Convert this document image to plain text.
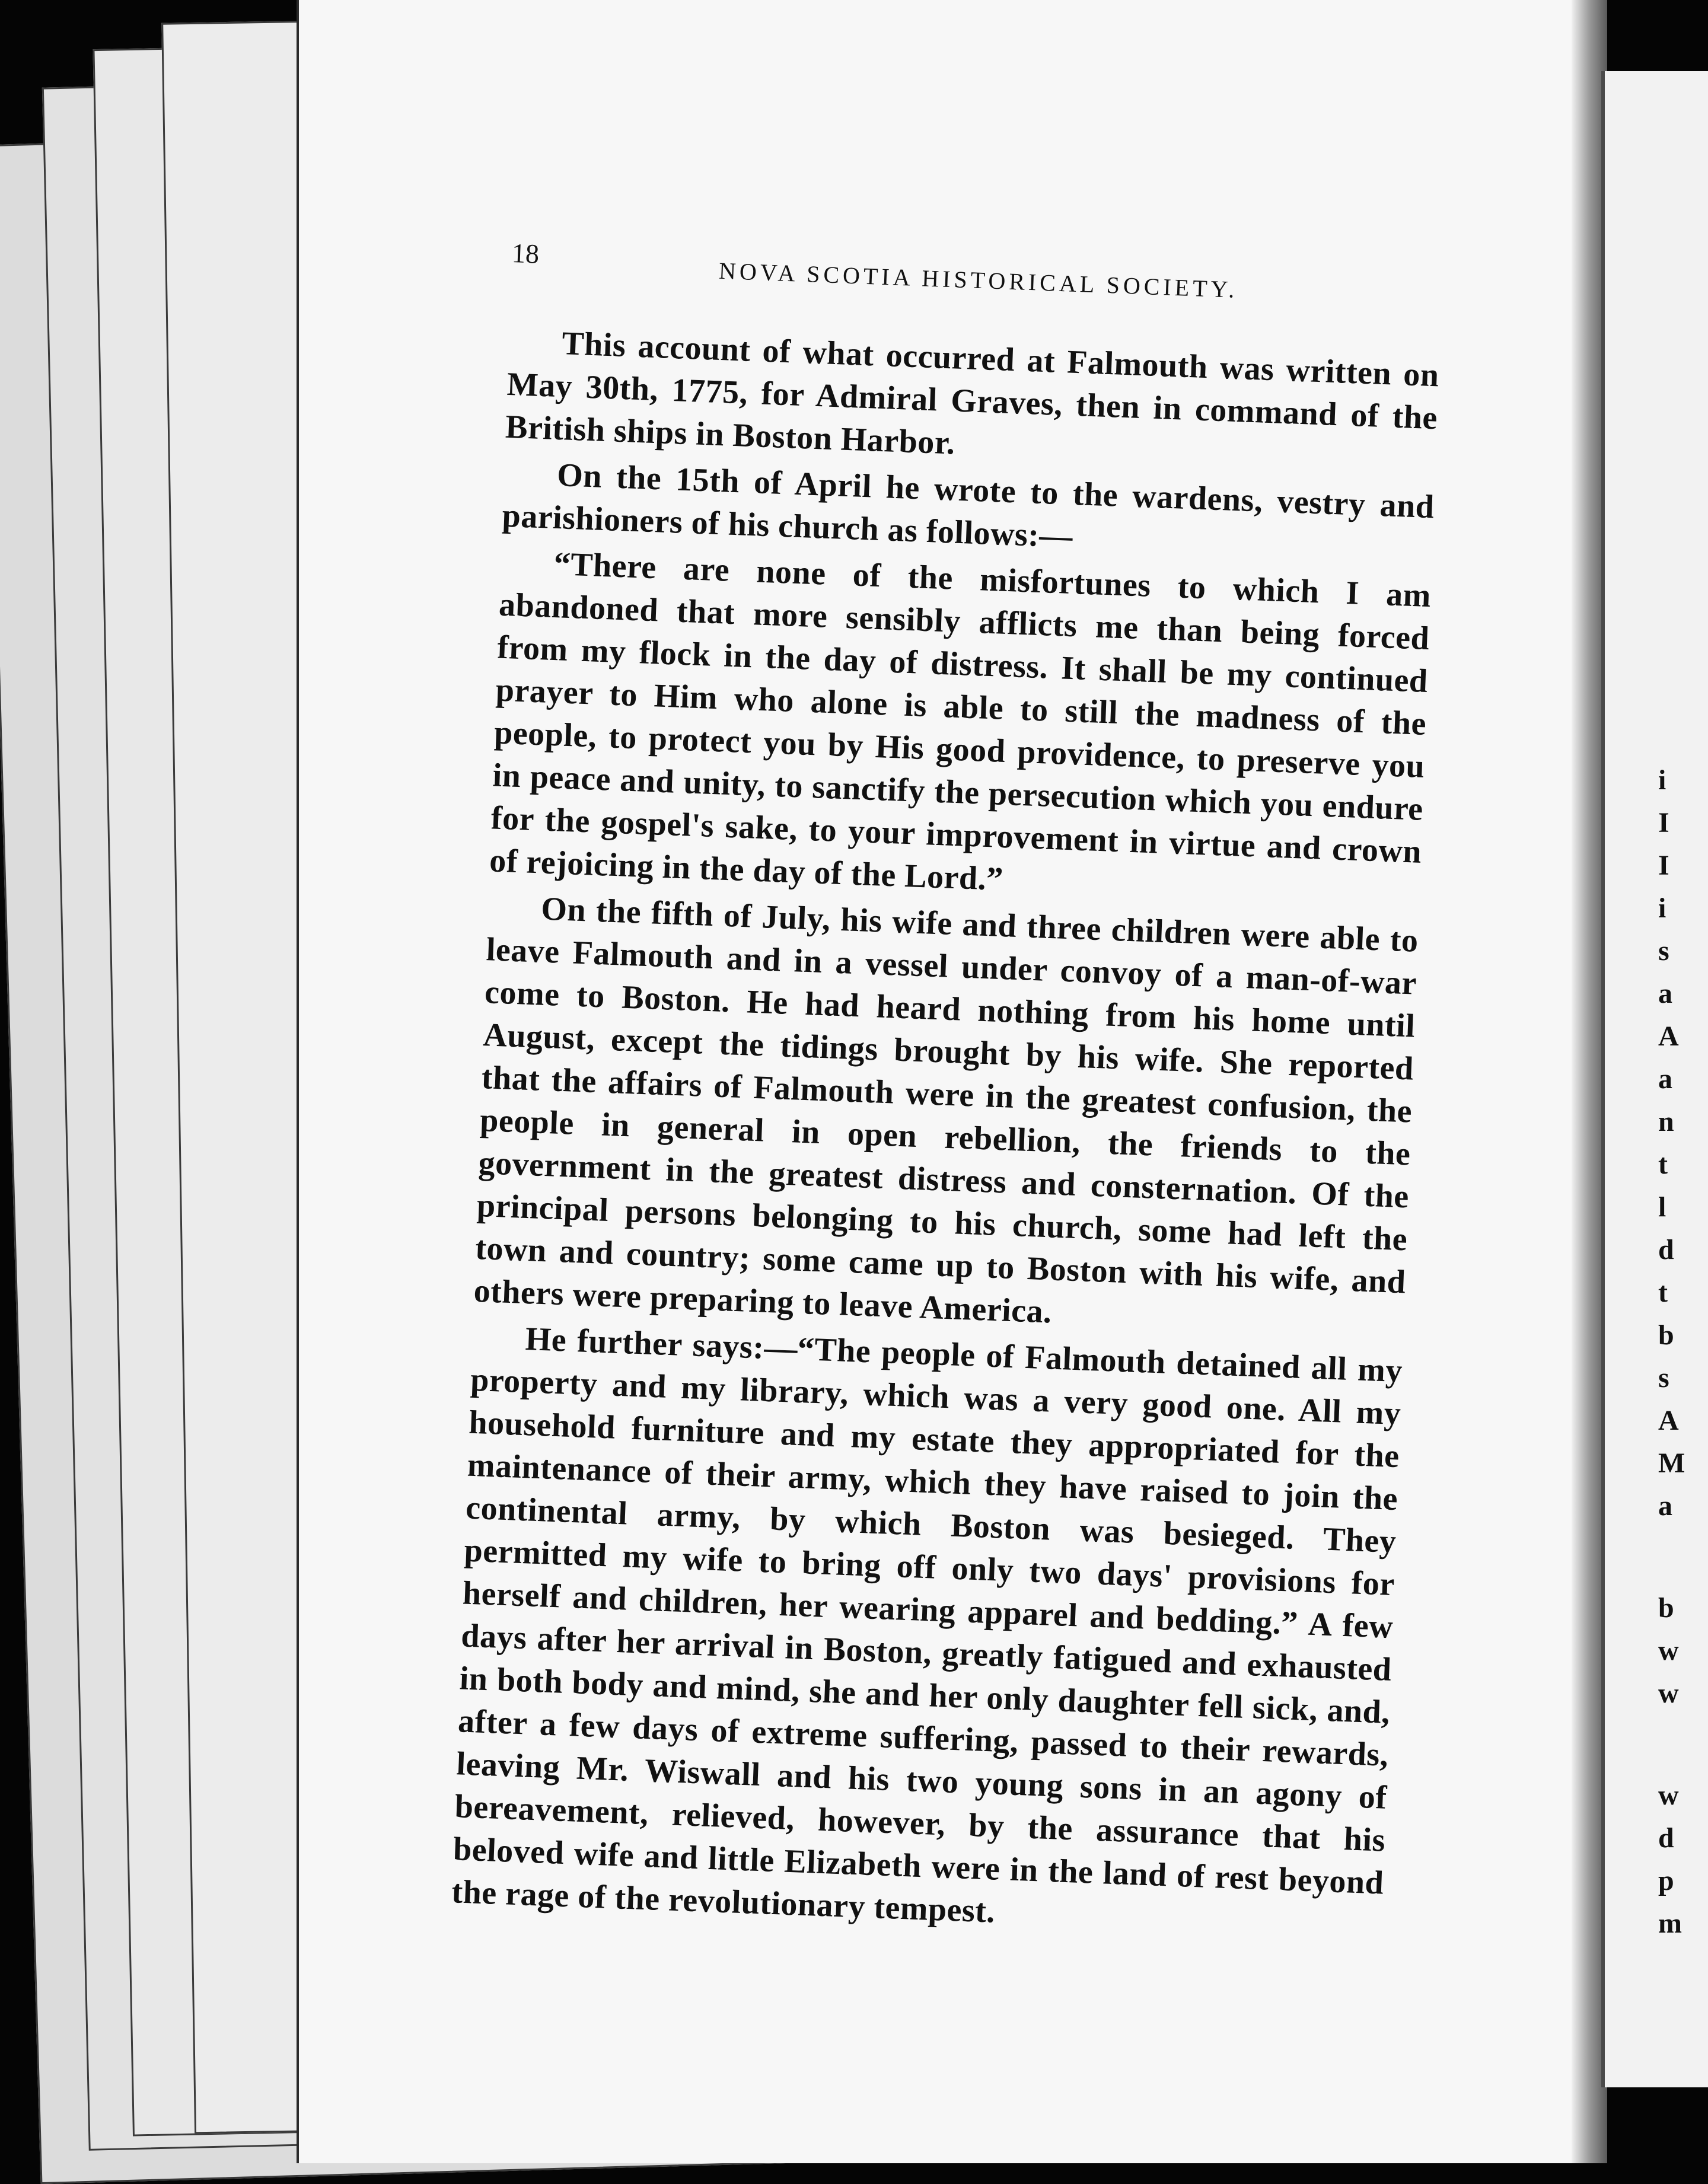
18
NOVA SCOTIA HISTORICAL SOCIETY.

This account of what occurred at Falmouth was written on May 30th, 1775, for Admiral Graves, then in command of the British ships in Boston Harbor.

On the 15th of April he wrote to the wardens, vestry and parishioners of his church as follows:—

“There are none of the misfortunes to which I am abandoned that more sensibly afflicts me than being forced from my flock in the day of distress. It shall be my continued prayer to Him who alone is able to still the madness of the people, to protect you by His good providence, to preserve you in peace and unity, to sanctify the persecution which you endure for the gospel's sake, to your improvement in virtue and crown of rejoicing in the day of the Lord.”

On the fifth of July, his wife and three children were able to leave Falmouth and in a vessel under convoy of a man-of-war come to Boston. He had heard nothing from his home until August, except the tidings brought by his wife. She reported that the affairs of Falmouth were in the greatest confusion, the people in general in open rebellion, the friends to the government in the greatest distress and consternation. Of the principal persons belonging to his church, some had left the town and country; some came up to Boston with his wife, and others were preparing to leave America.

He further says:—“The people of Falmouth detained all my property and my library, which was a very good one. All my household furniture and my estate they appropriated for the maintenance of their army, which they have raised to join the continental army, by which Boston was besieged. They permitted my wife to bring off only two days' provisions for herself and children, her wearing apparel and bedding.” A few days after her arrival in Boston, greatly fatigued and exhausted in both body and mind, she and her only daughter fell sick, and, after a few days of extreme suffering, passed to their rewards, leaving Mr. Wiswall and his two young sons in an agony of bereavement, relieved, however, by the assurance that his beloved wife and little Elizabeth were in the land of rest beyond the rage of the revolutionary tempest.

i
I
I
i
s
a
A
a
n
t
l
d
t
b
s
A
M
a
b
w
w
w
d
p
m
